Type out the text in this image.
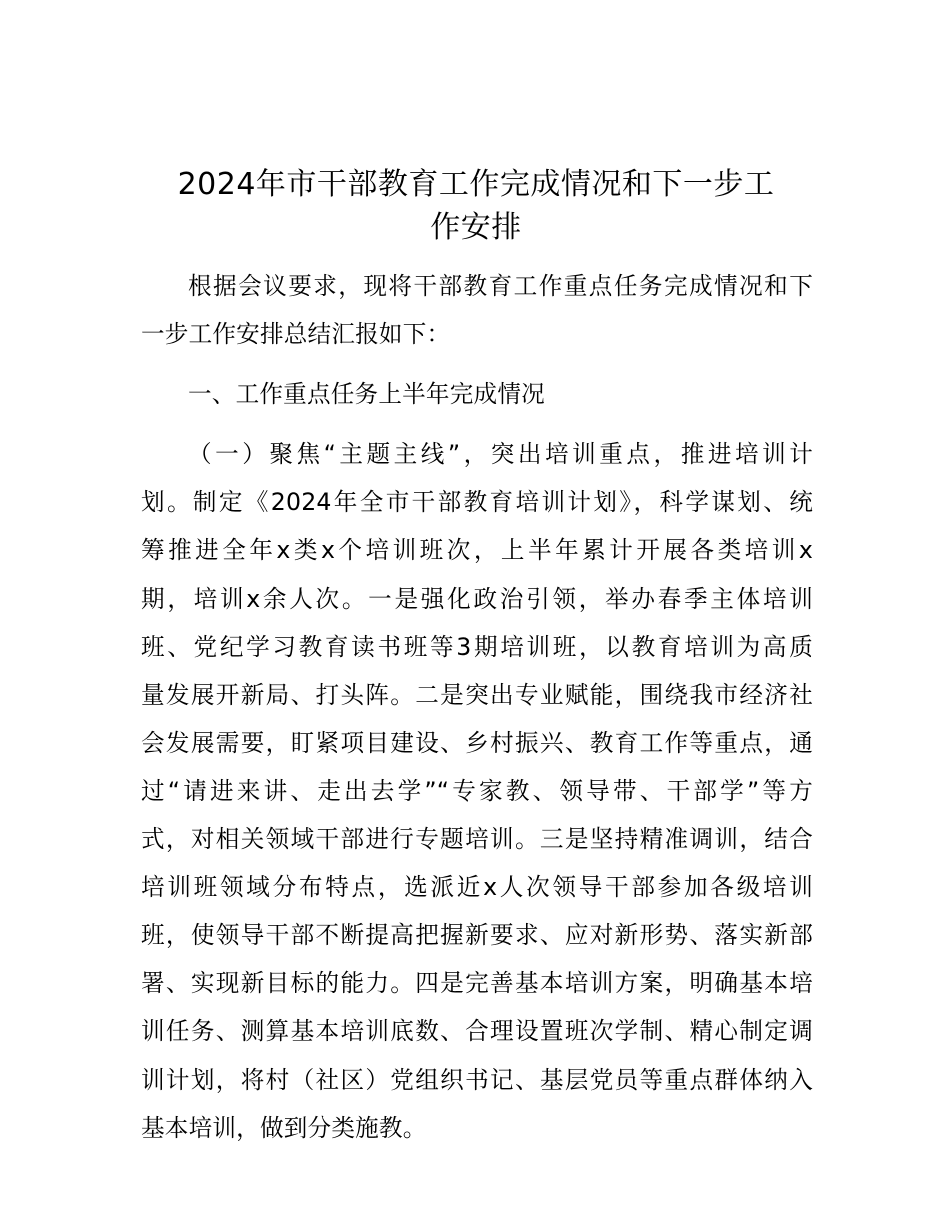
2024年市干部教育工作完成情况和下一步工
作安排
根据会议要求，现将干部教育工作重点任务完成情况和下
一步工作安排总结汇报如下：
一、工作重点任务上半年完成情况
（一）聚焦“主题主线”，突出培训重点，推进培训计
划。制定《2024年全市干部教育培训计划》，科学谋划、统
筹推进全年x类x个培训班次，上半年累计开展各类培训x
期，培训x余人次。一是强化政治引领，举办春季主体培训
班、党纪学习教育读书班等3期培训班，以教育培训为高质
量发展开新局、打头阵。二是突出专业赋能，围绕我市经济社
会发展需要，盯紧项目建设、乡村振兴、教育工作等重点，通
过“请进来讲、走出去学”“专家教、领导带、干部学”等方
式，对相关领域干部进行专题培训。三是坚持精准调训，结合
培训班领域分布特点，选派近x人次领导干部参加各级培训
班，使领导干部不断提高把握新要求、应对新形势、落实新部
署、实现新目标的能力。四是完善基本培训方案，明确基本培
训任务、测算基本培训底数、合理设置班次学制、精心制定调
训计划，将村（社区）党组织书记、基层党员等重点群体纳入
基本培训，做到分类施教。
